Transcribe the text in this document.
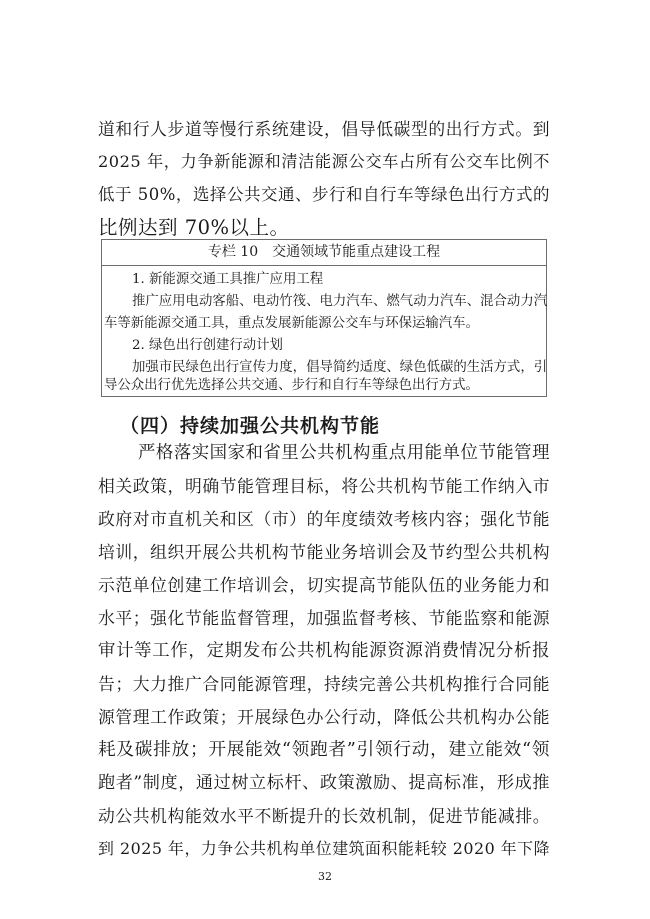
道和行人步道等慢行系统建设，倡导低碳型的出行方式。到
2025 年，力争新能源和清洁能源公交车占所有公交车比例不
低于 50%，选择公共交通、步行和自行车等绿色出行方式的
比例达到 70%以上。
专栏 10　交通领域节能重点建设工程
1. 新能源交通工具推广应用工程
推广应用电动客船、电动竹筏、电力汽车、燃气动力汽车、混合动力汽
车等新能源交通工具，重点发展新能源公交车与环保运输汽车。
2. 绿色出行创建行动计划
加强市民绿色出行宣传力度，倡导简约适度、绿色低碳的生活方式，引
导公众出行优先选择公共交通、步行和自行车等绿色出行方式。
（四）持续加强公共机构节能
严格落实国家和省里公共机构重点用能单位节能管理
相关政策，明确节能管理目标，将公共机构节能工作纳入市
政府对市直机关和区（市）的年度绩效考核内容；强化节能
培训，组织开展公共机构节能业务培训会及节约型公共机构
示范单位创建工作培训会，切实提高节能队伍的业务能力和
水平；强化节能监督管理，加强监督考核、节能监察和能源
审计等工作，定期发布公共机构能源资源消费情况分析报
告；大力推广合同能源管理，持续完善公共机构推行合同能
源管理工作政策；开展绿色办公行动，降低公共机构办公能
耗及碳排放；开展能效“领跑者”引领行动，建立能效“领
跑者”制度，通过树立标杆、政策激励、提高标准，形成推
动公共机构能效水平不断提升的长效机制，促进节能减排。
到 2025 年，力争公共机构单位建筑面积能耗较 2020 年下降
32
